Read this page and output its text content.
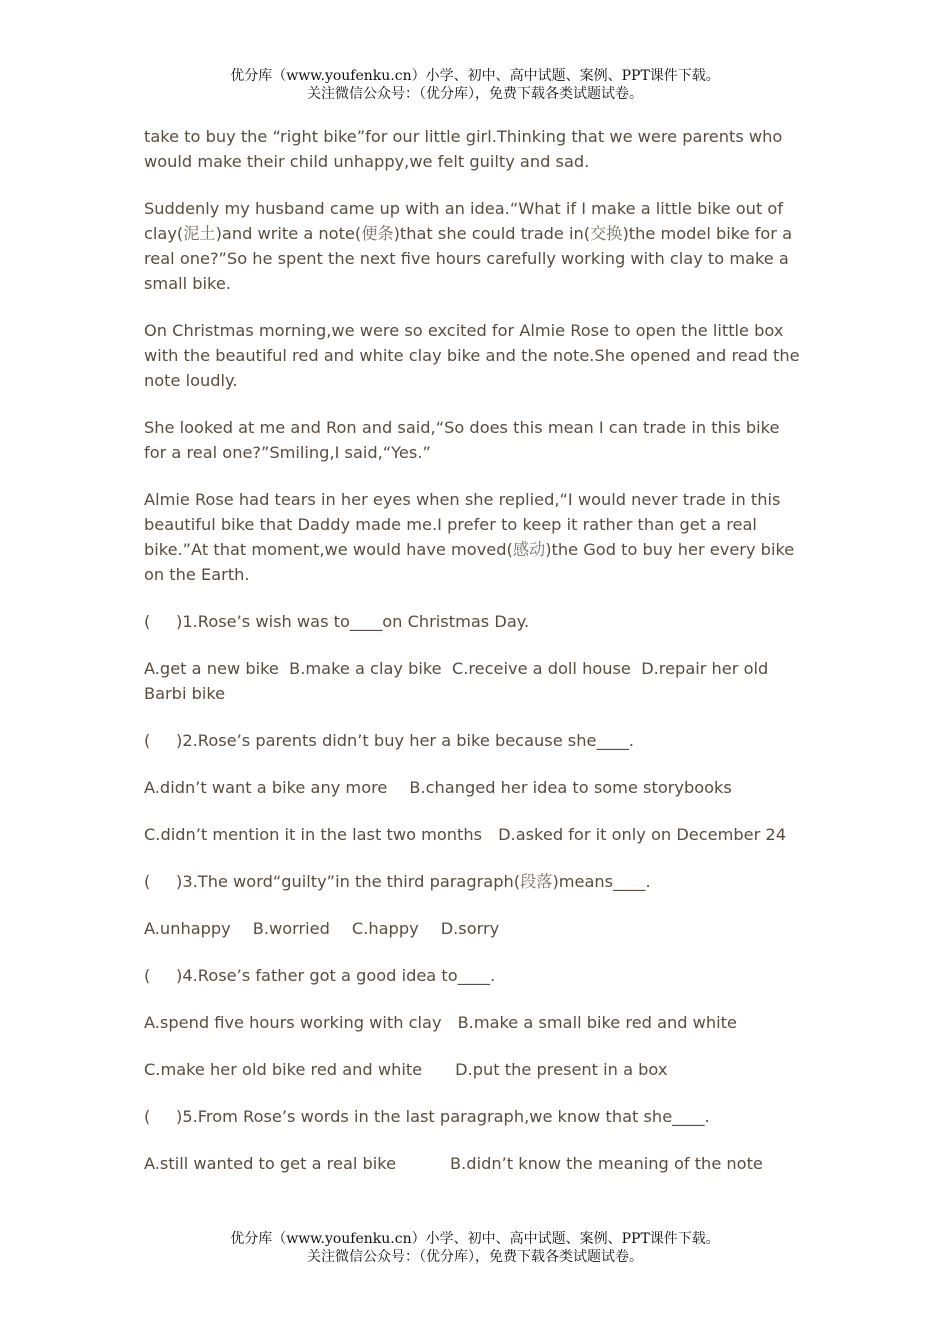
优分库（www.youfenku.cn）小学、初中、高中试题、案例、PPT课件下载。
关注微信公众号：（优分库），免费下载各类试题试卷。

take to buy the “right bike”for our little girl.Thinking that we were parents who would make their child unhappy,we felt guilty and sad.

Suddenly my husband came up with an idea.“What if I make a little bike out of clay(泥土)and write a note(便条)that she could trade in(交换)the model bike for a real one?”So he spent the next five hours carefully working with clay to make a small bike.

On Christmas morning,we were so excited for Almie Rose to open the little box with the beautiful red and white clay bike and the note.She opened and read the note loudly.

She looked at me and Ron and said,“So does this mean I can trade in this bike for a real one?”Smiling,I said,“Yes.”

Almie Rose had tears in her eyes when she replied,“I would never trade in this beautiful bike that Daddy made me.I prefer to keep it rather than get a real bike.”At that moment,we would have moved(感动)the God to buy her every bike on the Earth.

(     )1.Rose’s wish was to____on Christmas Day.

A.get a new bike B.make a clay bike C.receive a doll house D.repair her old Barbi bike

(     )2.Rose’s parents didn’t buy her a bike because she____.

A.didn’t want a bike any more B.changed her idea to some storybooks

C.didn’t mention it in the last two months D.asked for it only on December 24

(     )3.The word“guilty”in the third paragraph(段落)means____.

A.unhappy B.worried C.happy D.sorry

(     )4.Rose’s father got a good idea to____.

A.spend five hours working with clay B.make a small bike red and white

C.make her old bike red and white D.put the present in a box

(     )5.From Rose’s words in the last paragraph,we know that she____.

A.still wanted to get a real bike	B.didn’t know the meaning of the note

优分库（www.youfenku.cn）小学、初中、高中试题、案例、PPT课件下载。
关注微信公众号：（优分库），免费下载各类试题试卷。
